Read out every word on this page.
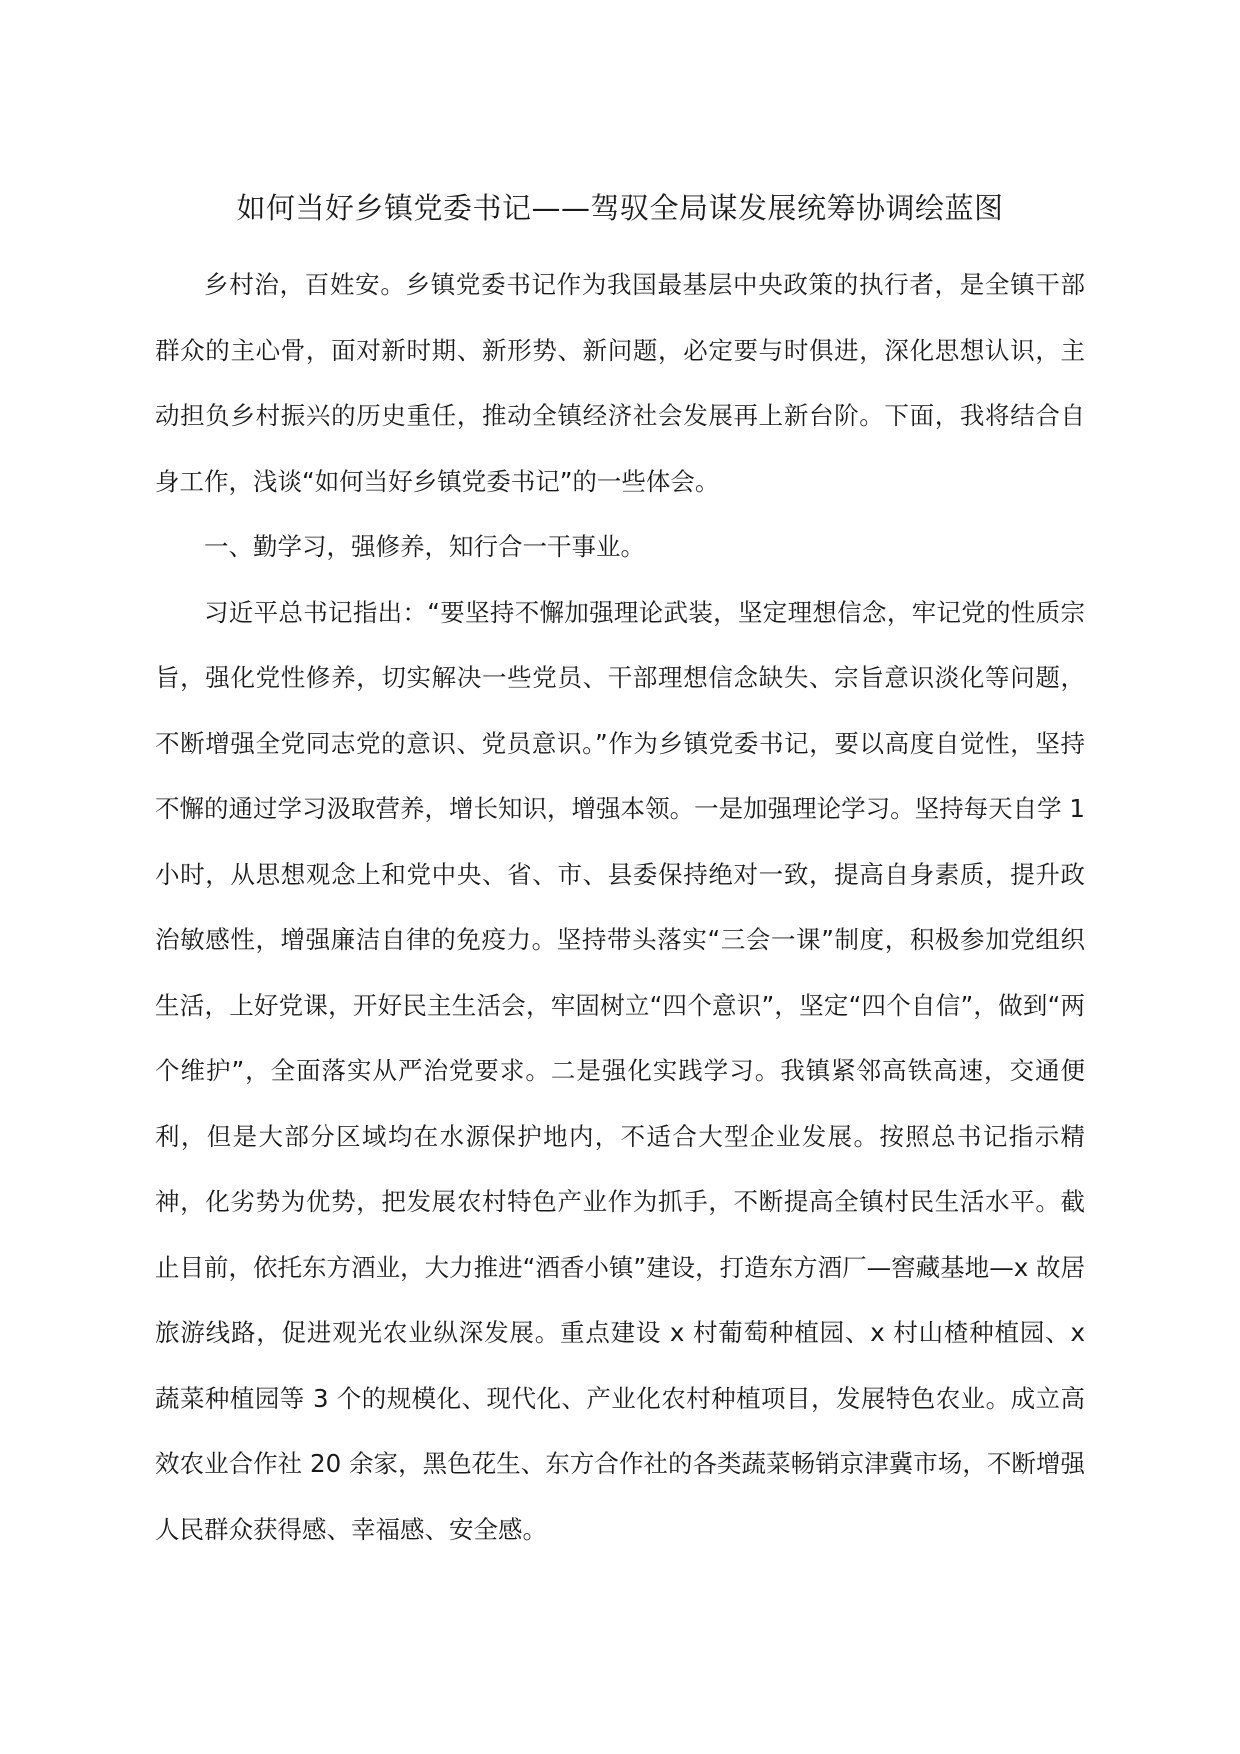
如何当好乡镇党委书记——驾驭全局谋发展统筹协调绘蓝图

乡村治，百姓安。乡镇党委书记作为我国最基层中央政策的执行者，是全镇干部群众的主心骨，面对新时期、新形势、新问题，必定要与时俱进，深化思想认识，主动担负乡村振兴的历史重任，推动全镇经济社会发展再上新台阶。下面，我将结合自身工作，浅谈“如何当好乡镇党委书记”的一些体会。

一、勤学习，强修养，知行合一干事业。

习近平总书记指出：“要坚持不懈加强理论武装，坚定理想信念，牢记党的性质宗旨，强化党性修养，切实解决一些党员、干部理想信念缺失、宗旨意识淡化等问题，不断增强全党同志党的意识、党员意识。”作为乡镇党委书记，要以高度自觉性，坚持不懈的通过学习汲取营养，增长知识，增强本领。一是加强理论学习。坚持每天自学 1 小时，从思想观念上和党中央、省、市、县委保持绝对一致，提高自身素质，提升政治敏感性，增强廉洁自律的免疫力。坚持带头落实“三会一课”制度，积极参加党组织生活，上好党课，开好民主生活会，牢固树立“四个意识”，坚定“四个自信”，做到“两个维护”，全面落实从严治党要求。二是强化实践学习。我镇紧邻高铁高速，交通便利，但是大部分区域均在水源保护地内，不适合大型企业发展。按照总书记指示精神，化劣势为优势，把发展农村特色产业作为抓手，不断提高全镇村民生活水平。截止目前，依托东方酒业，大力推进“酒香小镇”建设，打造东方酒厂—窖藏基地—x 故居旅游线路，促进观光农业纵深发展。重点建设 x 村葡萄种植园、x 村山楂种植园、x 蔬菜种植园等 3 个的规模化、现代化、产业化农村种植项目，发展特色农业。成立高效农业合作社 20 余家，黑色花生、东方合作社的各类蔬菜畅销京津冀市场，不断增强人民群众获得感、幸福感、安全感。
